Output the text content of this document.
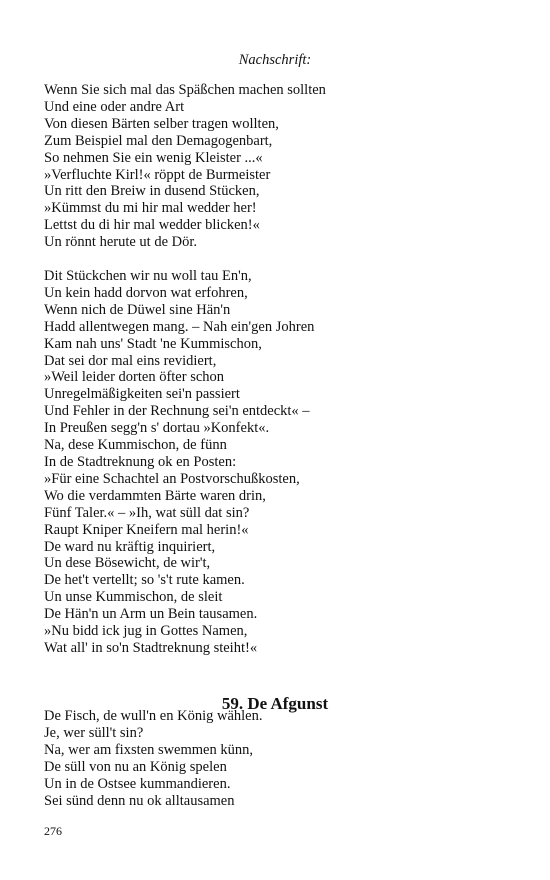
Nachschrift:
Wenn Sie sich mal das Späßchen machen sollten
Und eine oder andre Art
Von diesen Bärten selber tragen wollten,
Zum Beispiel mal den Demagogenbart,
So nehmen Sie ein wenig Kleister ...«
»Verfluchte Kirl!« röppt de Burmeister
Un ritt den Breiw in dusend Stücken,
»Kümmst du mi hir mal wedder her!
Lettst du di hir mal wedder blicken!«
Un rönnt herute ut de Dör.
Dit Stückchen wir nu woll tau En'n,
Un kein hadd dorvon wat erfohren,
Wenn nich de Düwel sine Hän'n
Hadd allentwegen mang. – Nah ein'gen Johren
Kam nah uns' Stadt 'ne Kummischon,
Dat sei dor mal eins revidiert,
»Weil leider dorten öfter schon
Unregelmäßigkeiten sei'n passiert
Und Fehler in der Rechnung sei'n entdeckt« –
In Preußen segg'n s' dortau »Konfekt«.
Na, dese Kummischon, de fünn
In de Stadtreknung ok en Posten:
»Für eine Schachtel an Postvorschußkosten,
Wo die verdammten Bärte waren drin,
Fünf Taler.« – »Ih, wat süll dat sin?
Raupt Kniper Kneifern mal herin!«
De ward nu kräftig inquiriert,
Un dese Bösewicht, de wir't,
De het't vertellt; so 's't rute kamen.
Un unse Kummischon, de sleit
De Hän'n un Arm un Bein tausamen.
»Nu bidd ick jug in Gottes Namen,
Wat all' in so'n Stadtreknung steiht!«
59. De Afgunst
De Fisch, de wull'n en König wählen.
Je, wer süll't sin?
Na, wer am fixsten swemmen künn,
De süll von nu an König spelen
Un in de Ostsee kummandieren.
Sei sünd denn nu ok alltausamen
276
